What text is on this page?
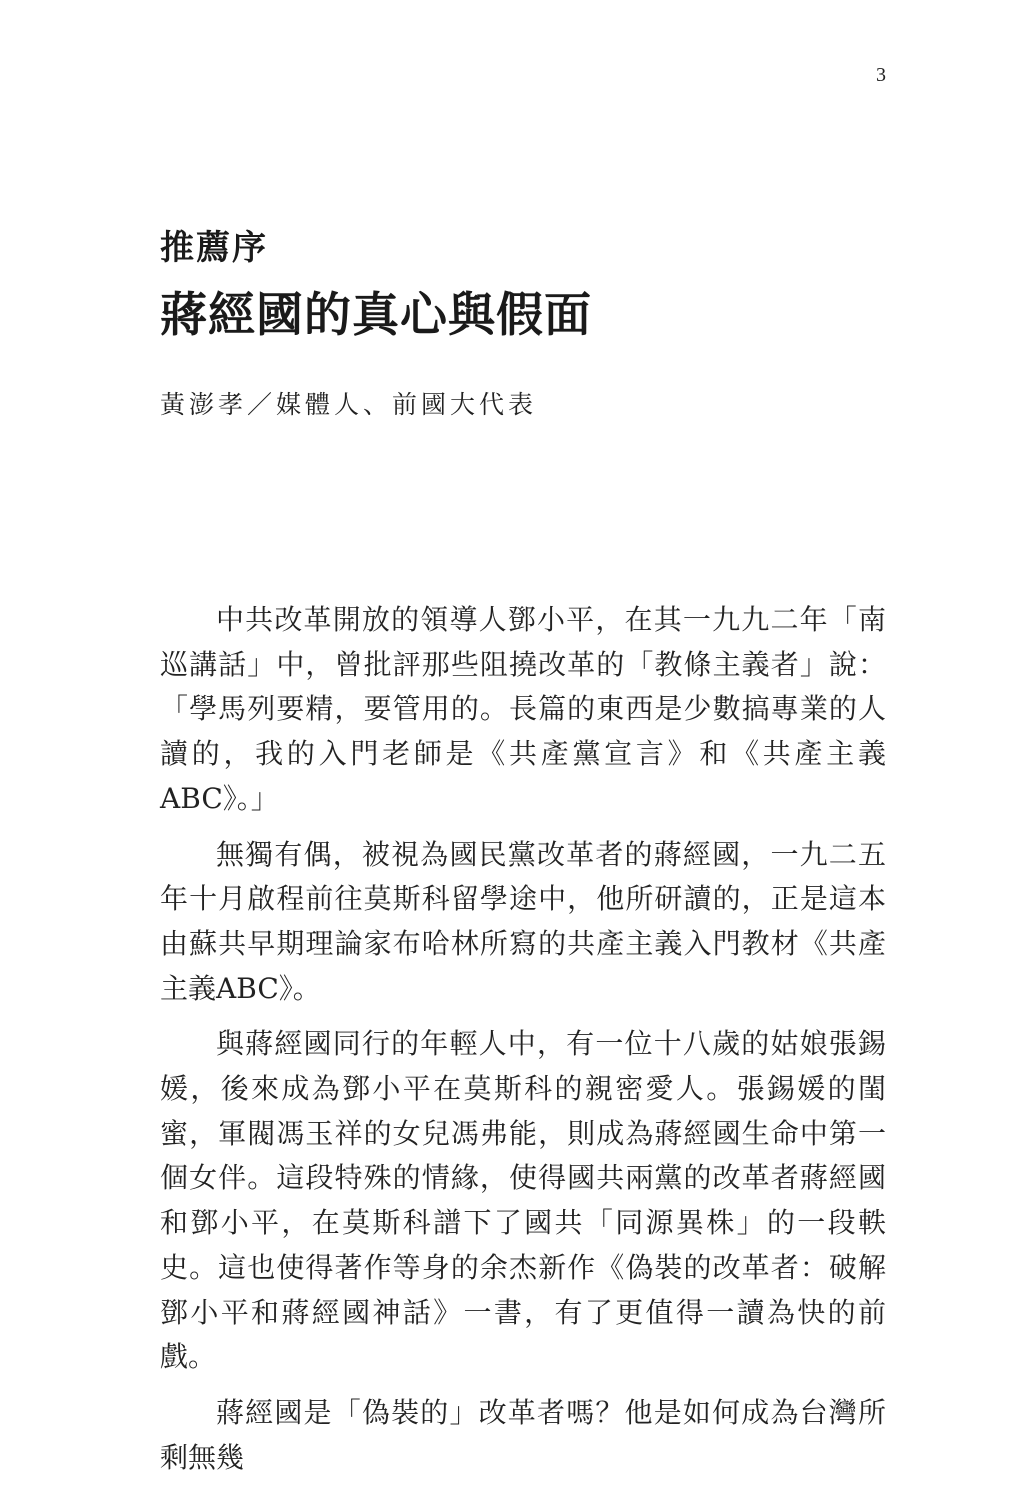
3
推薦序
蔣經國的真心與假面
黃澎孝／媒體人、前國大代表

中共改革開放的領導人鄧小平，在其一九九二年「南巡講話」中，曾批評那些阻撓改革的「教條主義者」說：「學馬列要精，要管用的。長篇的東西是少數搞專業的人讀的，我的入門老師是《共產黨宣言》和《共產主義ABC》。」

無獨有偶，被視為國民黨改革者的蔣經國，一九二五年十月啟程前往莫斯科留學途中，他所研讀的，正是這本由蘇共早期理論家布哈林所寫的共產主義入門教材《共產主義ABC》。

與蔣經國同行的年輕人中，有一位十八歲的姑娘張錫媛，後來成為鄧小平在莫斯科的親密愛人。張錫媛的閨蜜，軍閥馮玉祥的女兒馮弗能，則成為蔣經國生命中第一個女伴。這段特殊的情緣，使得國共兩黨的改革者蔣經國和鄧小平，在莫斯科譜下了國共「同源異株」的一段軼史。這也使得著作等身的余杰新作《偽裝的改革者：破解鄧小平和蔣經國神話》一書，有了更值得一讀為快的前戲。

蔣經國是「偽裝的」改革者嗎？他是如何成為台灣所剩無幾
